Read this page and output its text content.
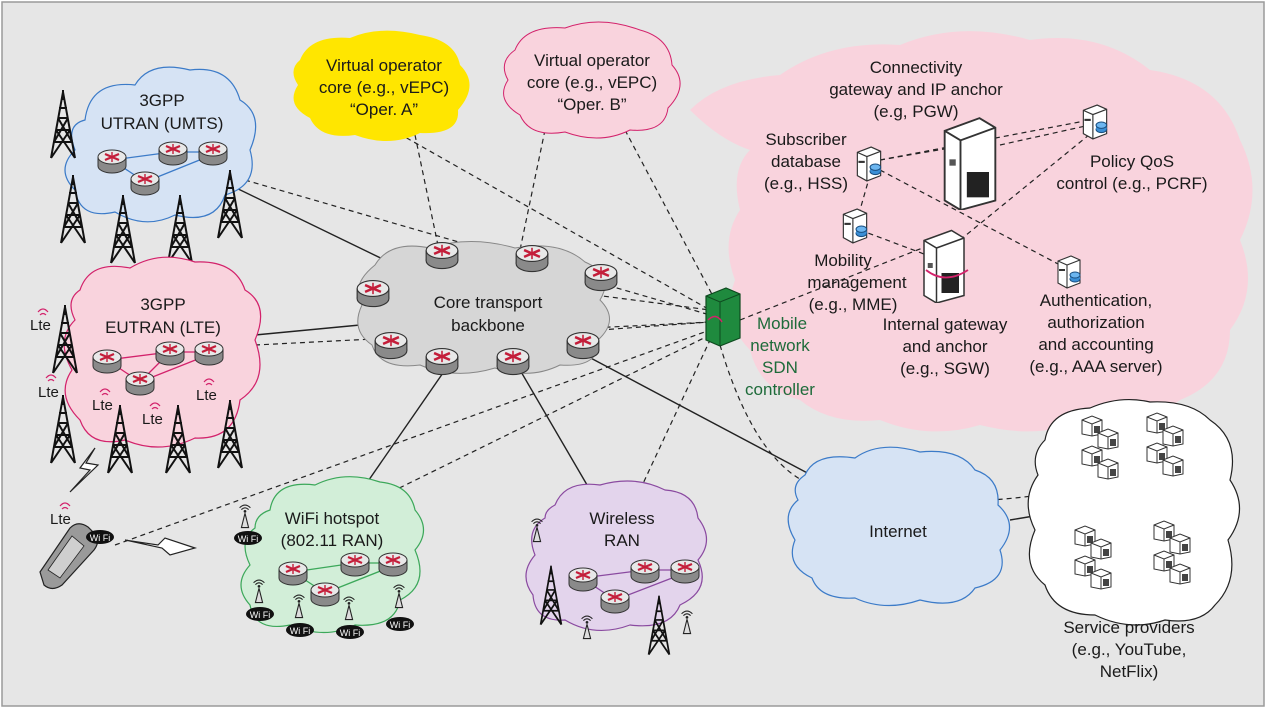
3GPP
UTRAN (UMTS)
3GPP
EUTRAN (LTE)
Lte
Lte
Lte
Lte
Lte
Lte
Wi Fi
Virtual operator
core (e.g., vEPC)
“Oper. A”
Virtual operator
core (e.g., vEPC)
“Oper. B”
Core transport
backbone	Mobile
network
SDN
controller
Connectivity
gateway and IP anchor
(e.g, PGW)
Subscriber
database
(e.g., HSS)
Policy QoS
control (e.g., PCRF)
Mobility
management
(e.g., MME)
Internal gateway
and anchor
(e.g., SGW)
Authentication,
authorization
and accounting
(e.g., AAA server)
WiFi hotspot
(802.11 RAN)
Wi Fi
Wi Fi
Wi Fi	Wi Fi
Wi Fi
Wireless
RAN	Internet
Service providers
(e.g., YouTube,
NetFlix)
